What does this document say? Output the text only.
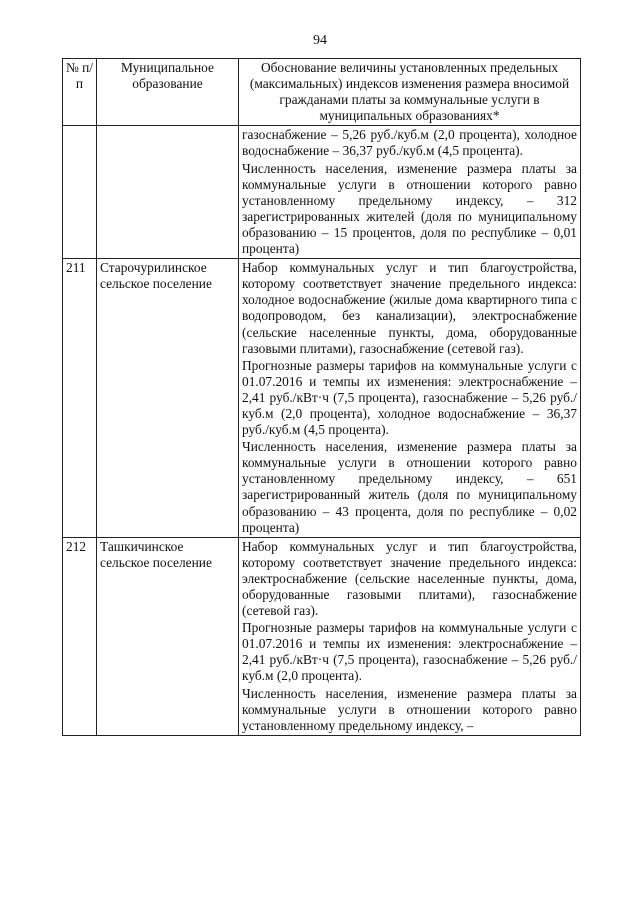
94
№ п/п	Муниципальное образование	Обоснование величины установленных предельных (максимальных) индексов изменения размера вносимой гражданами платы за коммунальные услуги в муниципальных образованиях*

		газоснабжение – 5,26 руб./куб.м (2,0 процента), холодное водоснабжение – 36,37 руб./куб.м (4,5 процента).

Численность населения, изменение размера платы за коммунальные услуги в отношении которого равно установленному предельному индексу, – 312 зарегистрированных жителей (доля по муниципальному образованию – 15 процентов, доля по республике – 0,01 процента)

211	Старочурилинское сельское поселение	Набор коммунальных услуг и тип благоустройства, которому соответствует значение предельного индекса: холодное водоснабжение (жилые дома квартирного типа с водопроводом, без канализации), электроснабжение (сельские населенные пункты, дома, оборудованные газовыми плитами), газоснабжение (сетевой газ).

Прогнозные размеры тарифов на коммунальные услуги с 01.07.2016 и темпы их изменения: электроснабжение – 2,41 руб./кВт·ч (7,5 процента), газоснабжение – 5,26 руб./куб.м (2,0 процента), холодное водоснабжение – 36,37 руб./куб.м (4,5 процента).

Численность населения, изменение размера платы за коммунальные услуги в отношении которого равно установленному предельному индексу, – 651 зарегистрированный житель (доля по муниципальному образованию – 43 процента, доля по республике – 0,02 процента)

212	Ташкичинское сельское поселение	Набор коммунальных услуг и тип благоустройства, которому соответствует значение предельного индекса: электроснабжение (сельские населенные пункты, дома, оборудованные газовыми плитами), газоснабжение (сетевой газ).

Прогнозные размеры тарифов на коммунальные услуги с 01.07.2016 и темпы их изменения: электроснабжение – 2,41 руб./кВт·ч (7,5 процента), газоснабжение – 5,26 руб./куб.м (2,0 процента).

Численность населения, изменение размера платы за коммунальные услуги в отношении которого равно установленному предельному индексу, –
